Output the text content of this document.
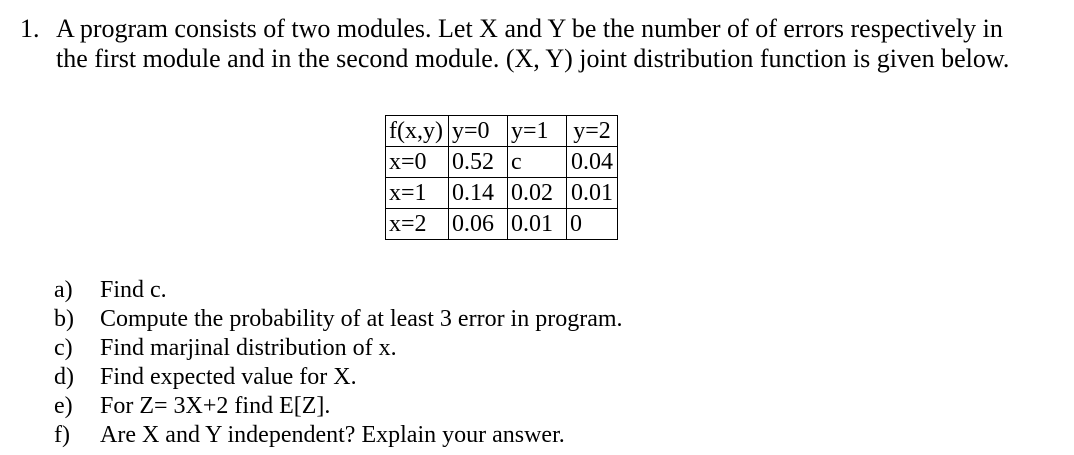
1. A program consists of two modules. Let X and Y be the number of of errors respectively in
the first module and in the second module. (X, Y) joint distribution function is given below.
f(x,y)	y=0	y=1	y=2
x=0	0.52	c	0.04
x=1	0.14	0.02	0.01
x=2	0.06	0.01	0
a) Find c.
b) Compute the probability of at least 3 error in program.
c) Find marjinal distribution of x.
d) Find expected value for X.
e) For Z= 3X+2 find E[Z].
f) Are X and Y independent? Explain your answer.
